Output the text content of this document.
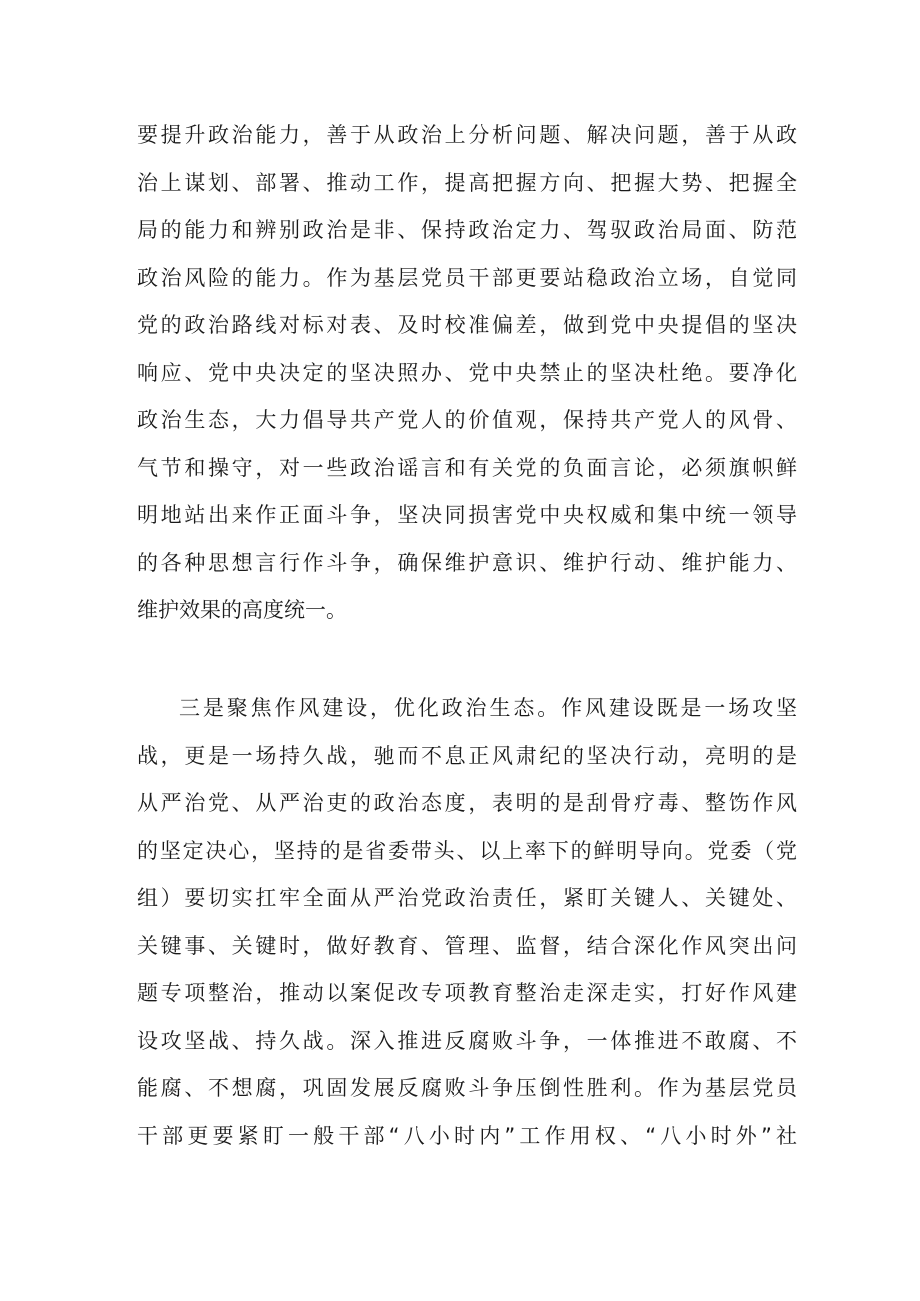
要提升政治能力，善于从政治上分析问题、解决问题，善于从政
治上谋划、部署、推动工作，提高把握方向、把握大势、把握全
局的能力和辨别政治是非、保持政治定力、驾驭政治局面、防范
政治风险的能力。作为基层党员干部更要站稳政治立场，自觉同
党的政治路线对标对表、及时校准偏差，做到党中央提倡的坚决
响应、党中央决定的坚决照办、党中央禁止的坚决杜绝。要净化
政治生态，大力倡导共产党人的价值观，保持共产党人的风骨、
气节和操守，对一些政治谣言和有关党的负面言论，必须旗帜鲜
明地站出来作正面斗争，坚决同损害党中央权威和集中统一领导
的各种思想言行作斗争，确保维护意识、维护行动、维护能力、
维护效果的高度统一。
三是聚焦作风建设，优化政治生态。作风建设既是一场攻坚
战，更是一场持久战，驰而不息正风肃纪的坚决行动，亮明的是
从严治党、从严治吏的政治态度，表明的是刮骨疗毒、整饬作风
的坚定决心，坚持的是省委带头、以上率下的鲜明导向。党委（党
组）要切实扛牢全面从严治党政治责任，紧盯关键人、关键处、
关键事、关键时，做好教育、管理、监督，结合深化作风突出问
题专项整治，推动以案促改专项教育整治走深走实，打好作风建
设攻坚战、持久战。深入推进反腐败斗争，一体推进不敢腐、不
能腐、不想腐，巩固发展反腐败斗争压倒性胜利。作为基层党员
干部更要紧盯一般干部“八小时内”工作用权、“八小时外”社
